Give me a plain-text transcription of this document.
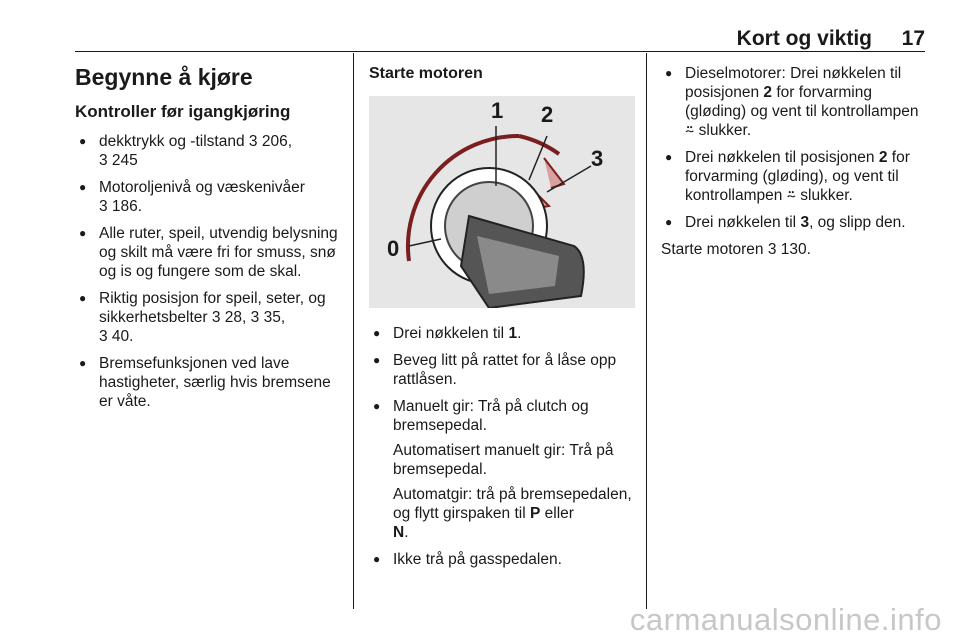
Kort og viktig 17
Begynne å kjøre
Kontroller før igangkjøring
● dekktrykk og -tilstand 3 206,
3 245
● Motoroljenivå og væskenivåer
3 186.
● Alle ruter, speil, utvendig belysning og skilt må være fri for smuss, snø og is og fungere som de skal.
● Riktig posisjon for speil, seter, og sikkerhetsbelter 3 28, 3 35,
3 40.
● Bremsefunksjonen ved lave hastigheter, særlig hvis bremsene er våte.
Starte motoren
1 2
3
0
● Drei nøkkelen til 1.
● Beveg litt på rattet for å låse opp rattlåsen.
● Manuelt gir: Trå på clutch og bremsepedal.
Automatisert manuelt gir: Trå på bremsepedal.
Automatgir: trå på bremsepedalen, og flytt girspaken til P eller
N.
● Ikke trå på gasspedalen.
● Dieselmotorer: Drei nøkkelen til posisjonen 2 for forvarming (gløding) og vent til kontrollampen ⍨ slukker.
● Drei nøkkelen til posisjonen 2 for forvarming (gløding), og vent til kontrollampen ⍨ slukker.
● Drei nøkkelen til 3, og slipp den.

Starte motoren 3 130.

carmanualsonline.info
